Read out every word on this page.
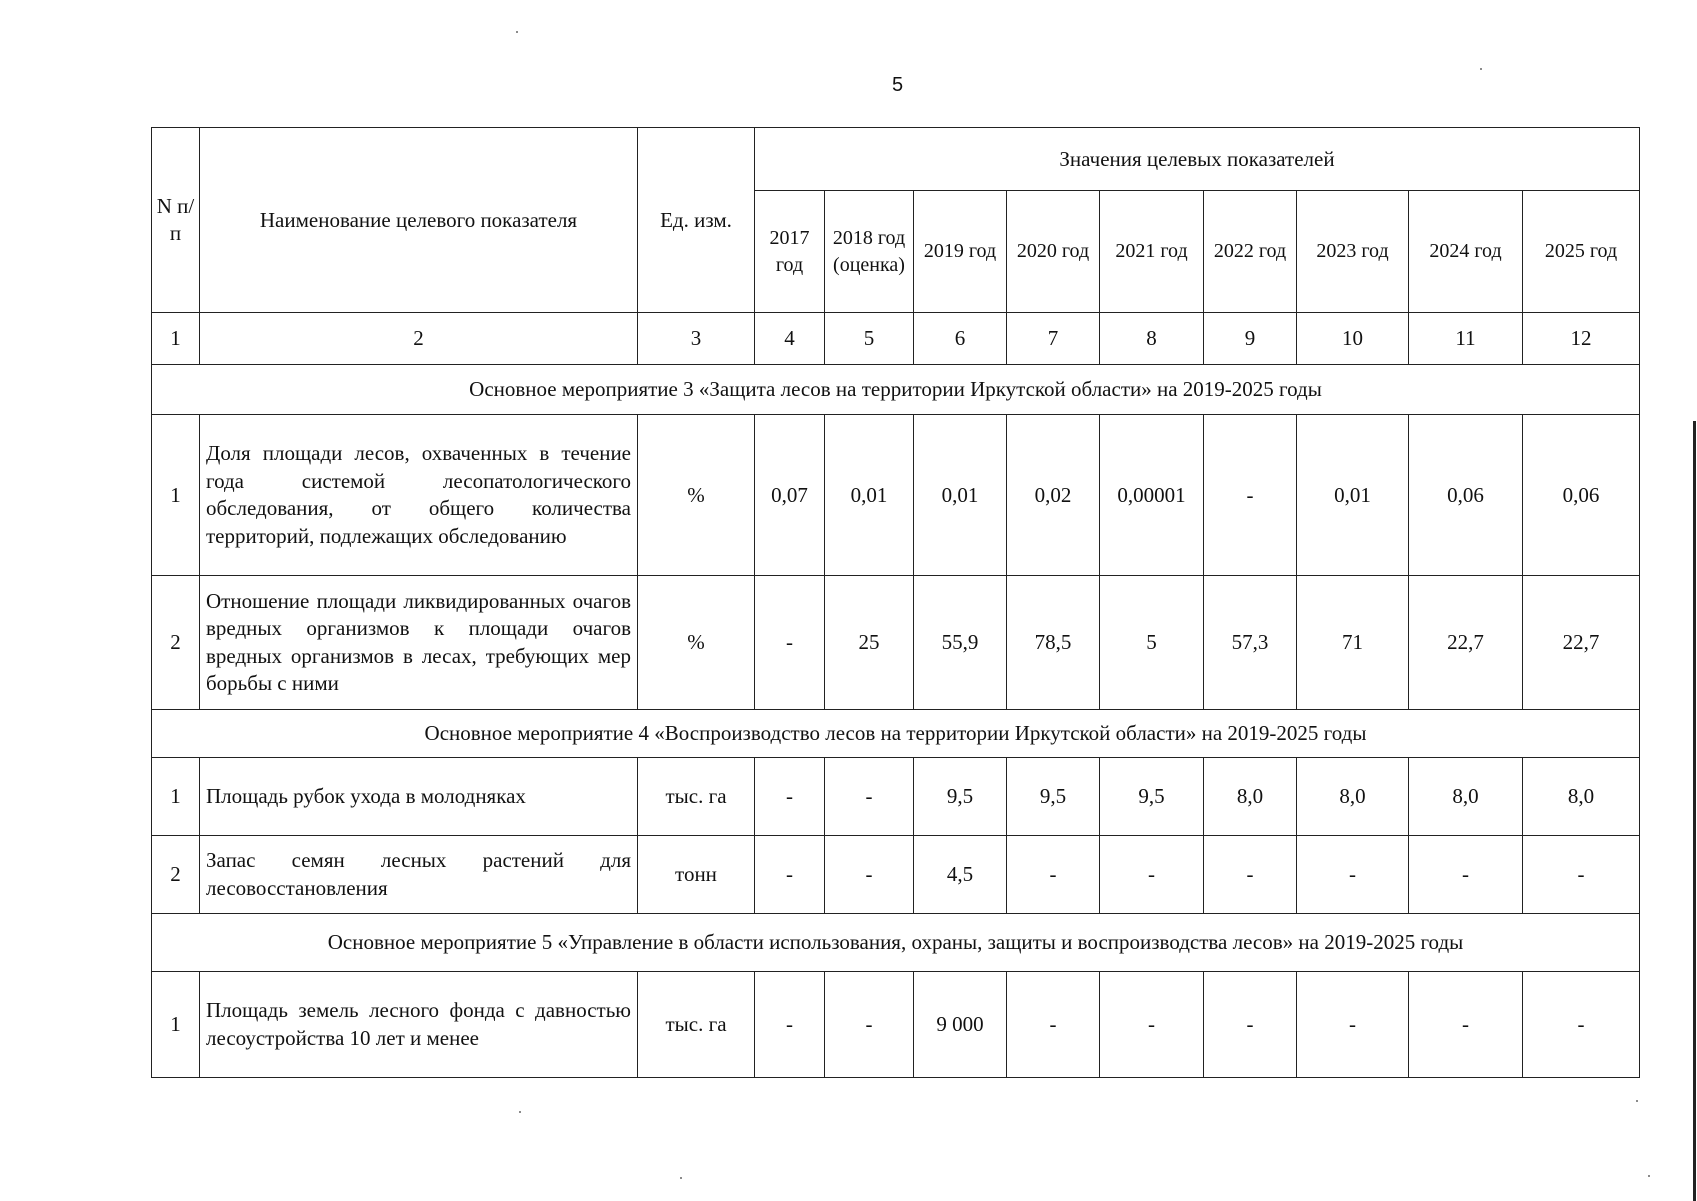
5
N п/п	Наименование целевого показателя	Ед. изм.	Значения целевых показателей								
			2017 год	2018 год (оценка)	2019 год	2020 год	2021 год	2022 год	2023 год	2024 год	2025 год
1	2	3	4	5	6	7	8	9	10	11	12
Основное мероприятие 3 «Защита лесов на территории Иркутской области» на 2019-2025 годы											
1	Доля площади лесов, охваченных в течение года системой лесопатологического обследования, от общего количества территорий, подлежащих обследованию	%	0,07	0,01	0,01	0,02	0,00001	-	0,01	0,06	0,06
2	Отношение площади ликвидированных очагов вредных организмов к площади очагов вредных организмов в лесах, требующих мер борьбы с ними	%	-	25	55,9	78,5	5	57,3	71	22,7	22,7
Основное мероприятие 4 «Воспроизводство лесов на территории Иркутской области» на 2019-2025 годы											
1	Площадь рубок ухода в молодняках	тыс. га	-	-	9,5	9,5	9,5	8,0	8,0	8,0	8,0
2	Запас семян лесных растений для лесовосстановления	тонн	-	-	4,5	-	-	-	-	-	-
Основное мероприятие 5 «Управление в области использования, охраны, защиты и воспроизводства лесов» на 2019-2025 годы											
1	Площадь земель лесного фонда с давностью лесоустройства 10 лет и менее	тыс. га	-	-	9 000	-	-	-	-	-	-
